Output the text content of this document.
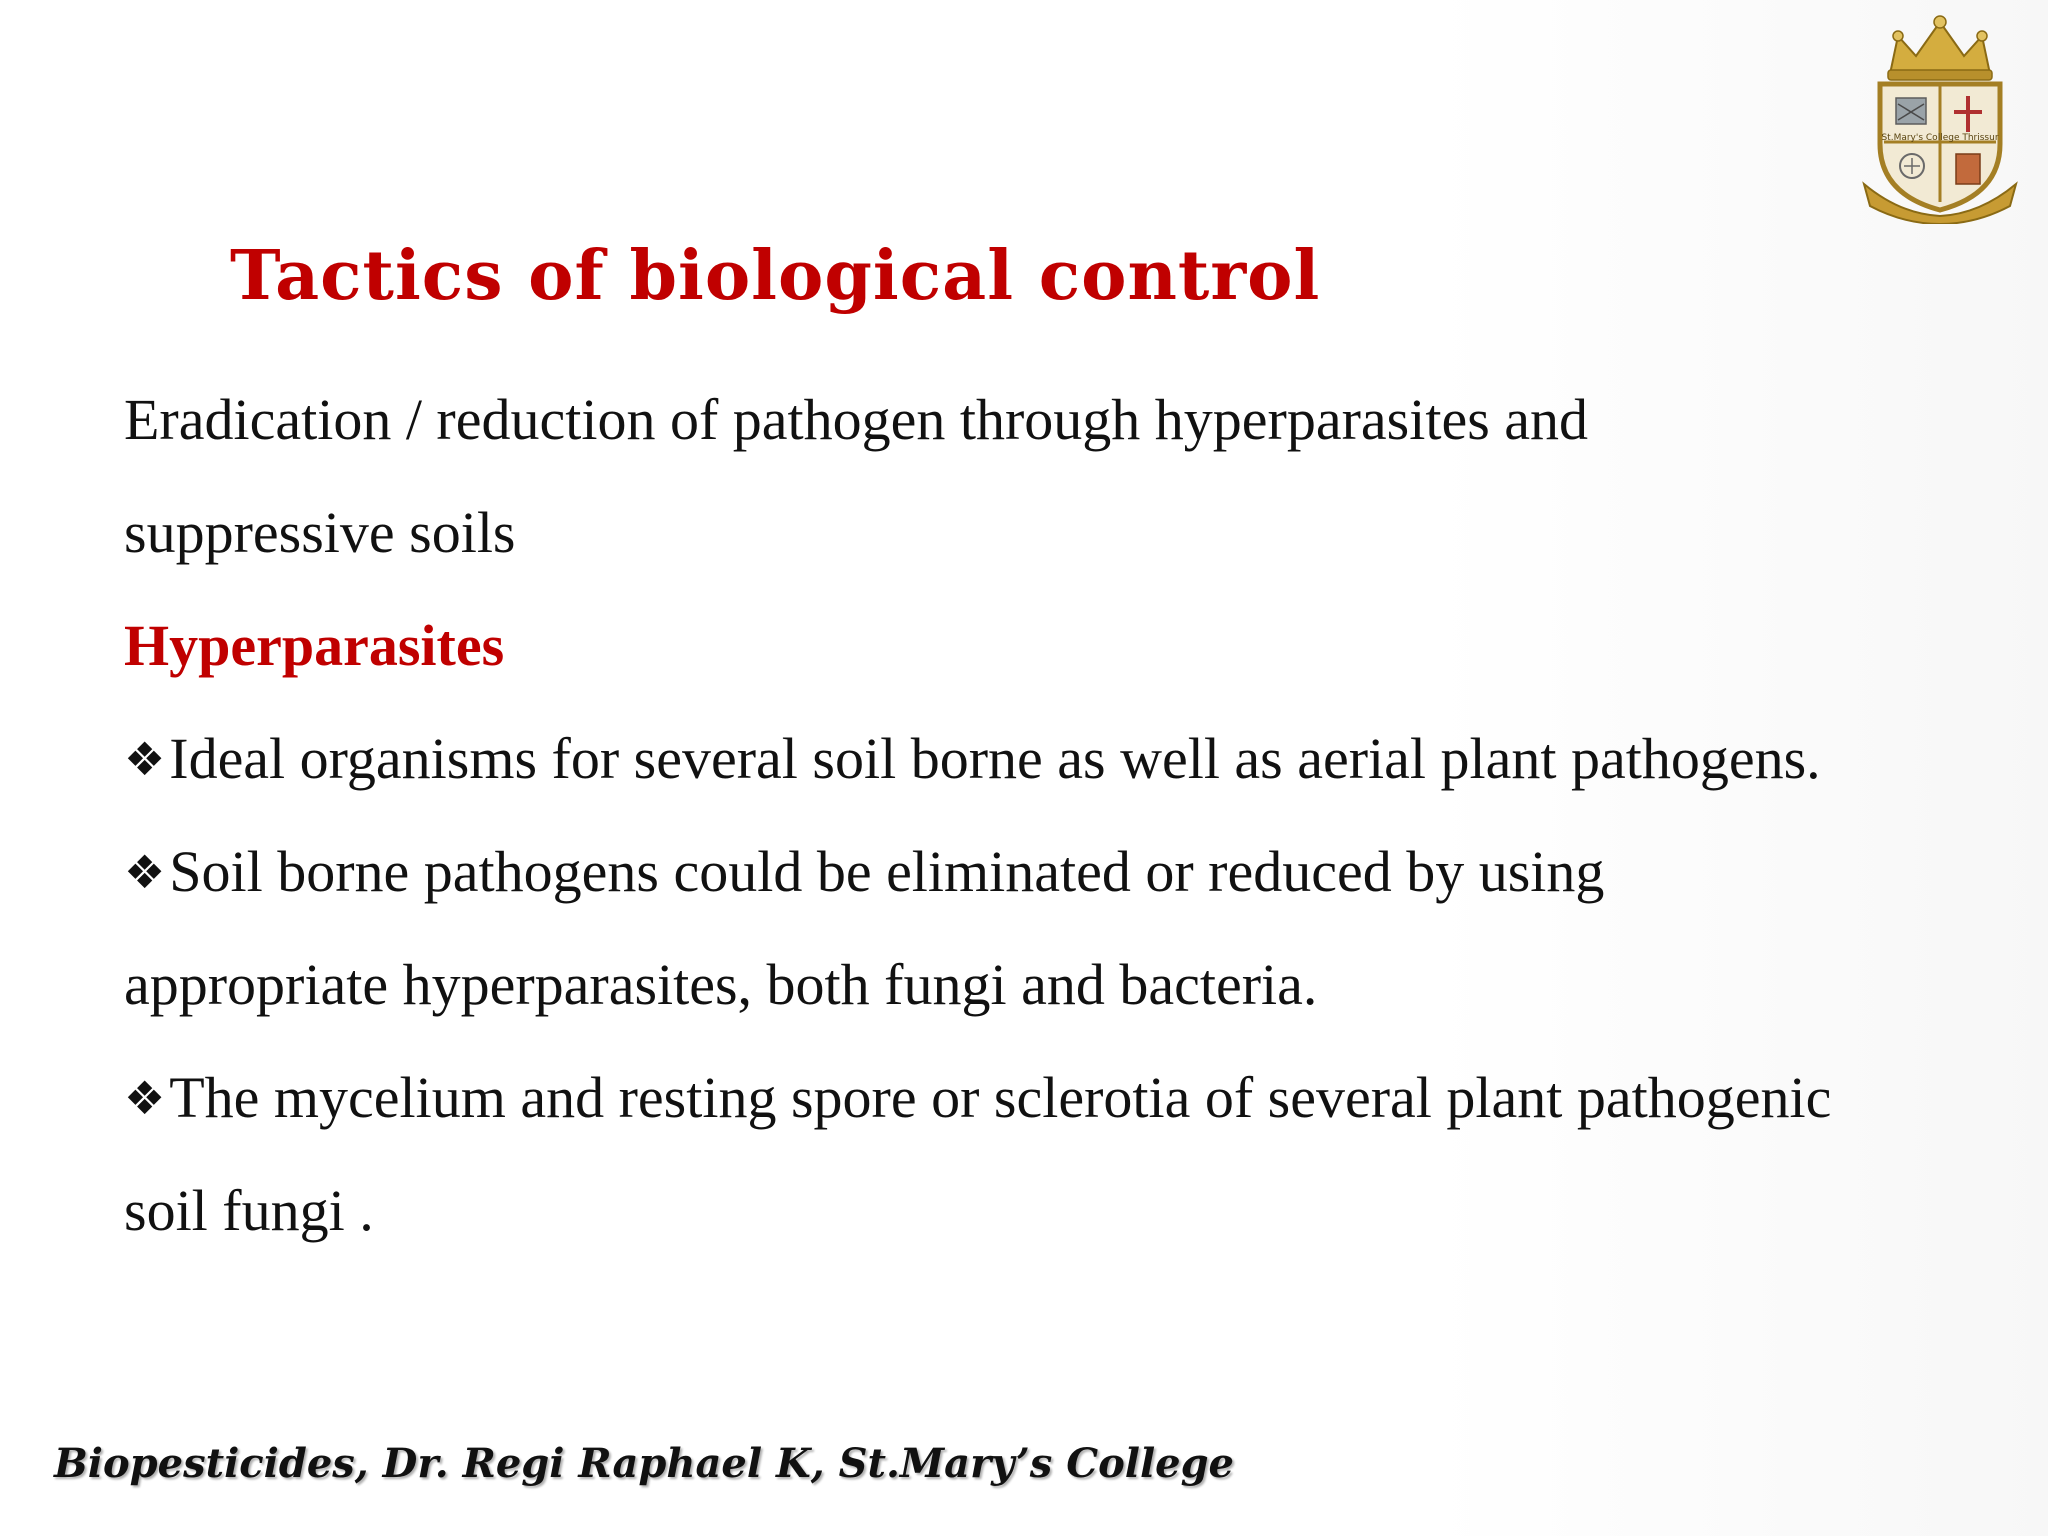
St.Mary's College Thrissur
Tactics of biological control
Eradication / reduction of pathogen through hyperparasites and
suppressive soils
Hyperparasites
❖Ideal organisms for several soil borne as well as aerial plant pathogens.
❖Soil borne pathogens could be eliminated or reduced by using
appropriate hyperparasites, both fungi and bacteria.
❖The mycelium and resting spore or sclerotia of several plant pathogenic
soil fungi .
Biopesticides, Dr. Regi Raphael K, St.Mary’s College
